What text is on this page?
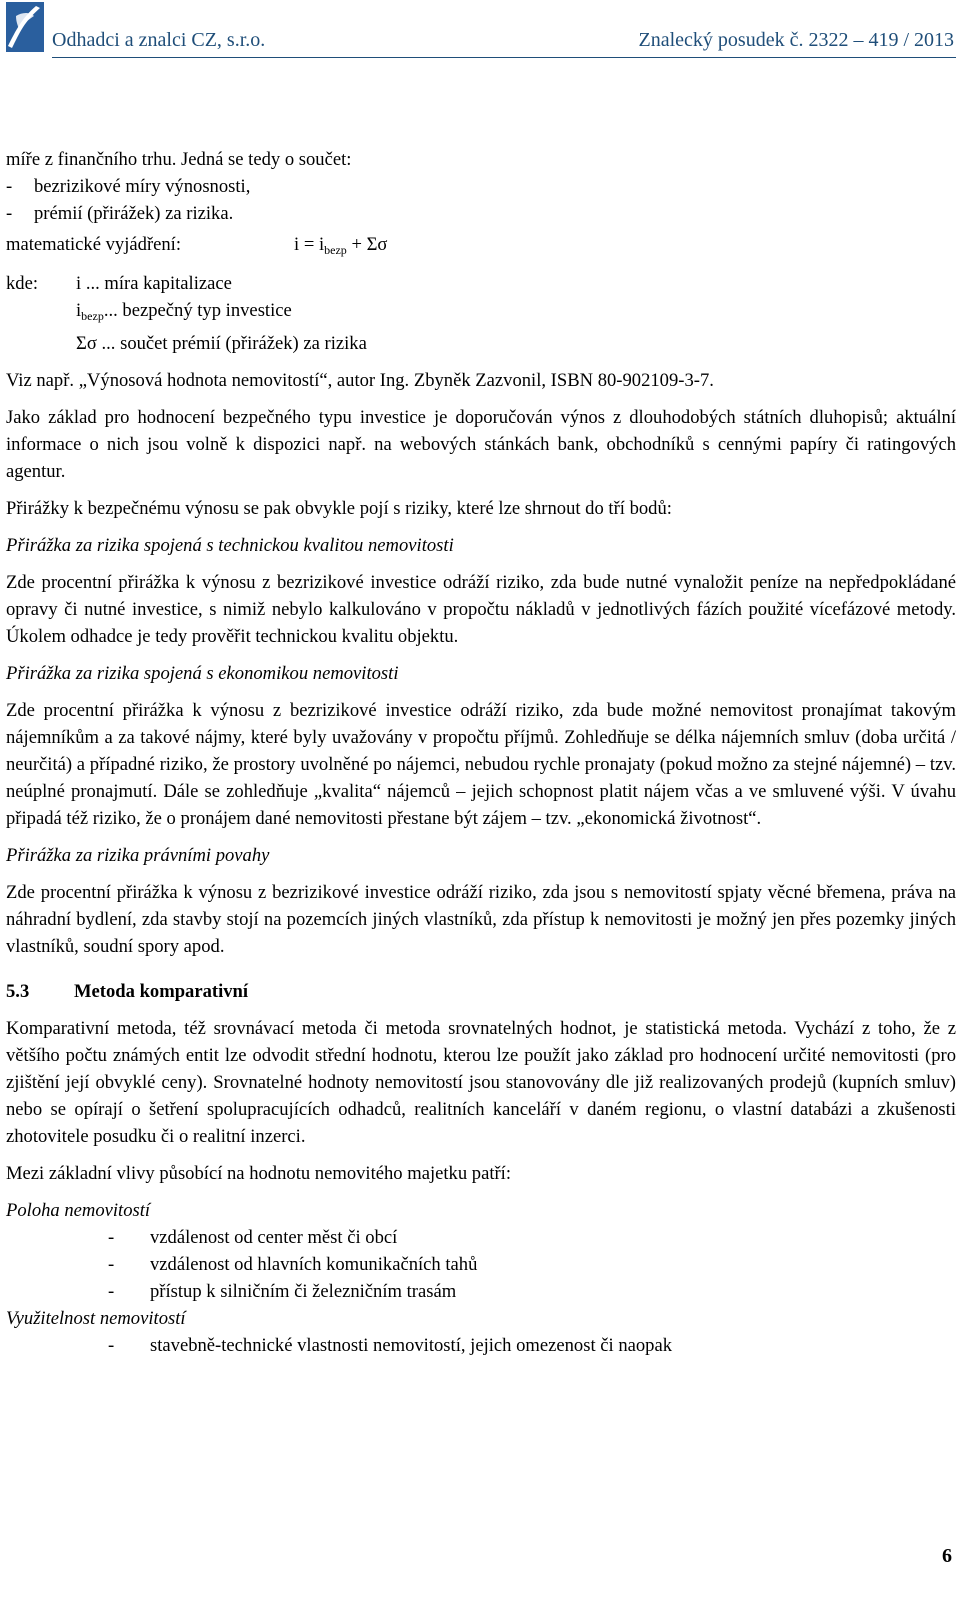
Odhadci a znalci CZ, s.r.o.	Znalecký posudek č. 2322 – 419 / 2013

míře z finančního trhu. Jedná se tedy o součet:

-	bezrizikové míry výnosnosti,
-	prémií (přirážek) za rizika.
matematické vyjádření:	$i = i_{bezp} + \Sigma\sigma$
kde:	i ... míra kapitalizace
$i_{bezp}$... bezpečný typ investice
Σσ ... součet prémií (přirážek) za rizika

Viz např. „Výnosová hodnota nemovitostí“, autor Ing. Zbyněk Zazvonil, ISBN 80-902109-3-7.

Jako základ pro hodnocení bezpečného typu investice je doporučován výnos z dlouhodobých státních dluhopisů; aktuální informace o nich jsou volně k dispozici např. na webových stánkách bank, obchodníků s cennými papíry či ratingových agentur.

Přirážky k bezpečnému výnosu se pak obvykle pojí s riziky, které lze shrnout do tří bodů:

Přirážka za rizika spojená s technickou kvalitou nemovitosti

Zde procentní přirážka k výnosu z bezrizikové investice odráží riziko, zda bude nutné vynaložit peníze na nepředpokládané opravy či nutné investice, s nimiž nebylo kalkulováno v propočtu nákladů v jednotlivých fázích použité vícefázové metody. Úkolem odhadce je tedy prověřit technickou kvalitu objektu.

Přirážka za rizika spojená s ekonomikou nemovitosti

Zde procentní přirážka k výnosu z bezrizikové investice odráží riziko, zda bude možné nemovitost pronajímat takovým nájemníkům a za takové nájmy, které byly uvažovány v propočtu příjmů. Zohledňuje se délka nájemních smluv (doba určitá / neurčitá) a případné riziko, že prostory uvolněné po nájemci, nebudou rychle pronajaty (pokud možno za stejné nájemné) – tzv. neúplné pronajmutí. Dále se zohledňuje „kvalita“ nájemců – jejich schopnost platit nájem včas a ve smluvené výši. V úvahu připadá též riziko, že o pronájem dané nemovitosti přestane být zájem – tzv. „ekonomická životnost“.

Přirážka za rizika právními povahy

Zde procentní přirážka k výnosu z bezrizikové investice odráží riziko, zda jsou s nemovitostí spjaty věcné břemena, práva na náhradní bydlení, zda stavby stojí na pozemcích jiných vlastníků, zda přístup k nemovitosti je možný jen přes pozemky jiných vlastníků, soudní spory apod.

5.3	Metoda komparativní

Komparativní metoda, též srovnávací metoda či metoda srovnatelných hodnot, je statistická metoda. Vychází z toho, že z většího počtu známých entit lze odvodit střední hodnotu, kterou lze použít jako základ pro hodnocení určité nemovitosti (pro zjištění její obvyklé ceny). Srovnatelné hodnoty nemovitostí jsou stanovovány dle již realizovaných prodejů (kupních smluv) nebo se opírají o šetření spolupracujících odhadců, realitních kanceláří v daném regionu, o vlastní databázi a zkušenosti zhotovitele posudku či o realitní inzerci.

Mezi základní vlivy působící na hodnotu nemovitého majetku patří:

Poloha nemovitostí

-	vzdálenost od center měst či obcí
-	vzdálenost od hlavních komunikačních tahů
-	přístup k silničním či železničním trasám

Využitelnost nemovitostí

-	stavebně-technické vlastnosti nemovitostí, jejich omezenost či naopak
6
